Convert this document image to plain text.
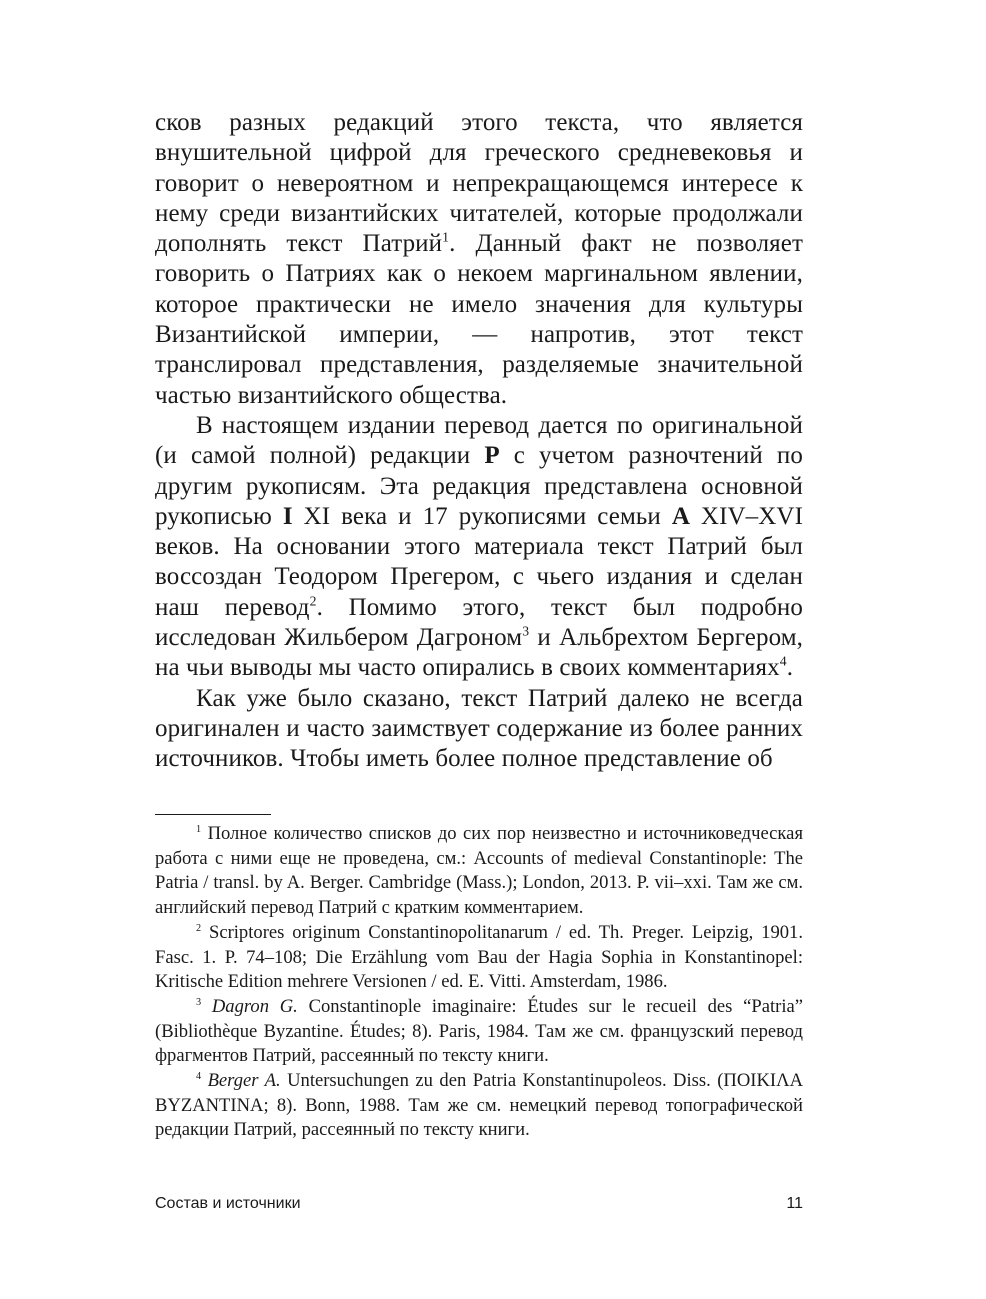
сков разных редакций этого текста, что является внушительной цифрой для греческого средневековья и говорит о невероятном и непрекращающемся интересе к нему среди византийских читателей, которые продолжали дополнять текст Патрий$^1$. Данный факт не позволяет говорить о Патриях как о некоем маргинальном явлении, которое практически не имело значения для культуры Византийской империи, — напротив, этот текст транслировал представления, разделяемые значительной частью византийского общества.

В настоящем издании перевод дается по оригинальной (и самой полной) редакции P с учетом разночтений по другим рукописям. Эта редакция представлена основной рукописью I XI века и 17 рукописями семьи A XIV–XVI веков. На основании этого материала текст Патрий был воссоздан Теодором Прегером, с чьего издания и сделан наш перевод$^2$. Помимо этого, текст был подробно исследован Жильбером Дагроном$^3$ и Альбрехтом Бергером, на чьи выводы мы часто опирались в своих комментариях$^4$.

Как уже было сказано, текст Патрий далеко не всегда оригинален и часто заимствует содержание из более ранних источников. Чтобы иметь более полное представление об

$^1$ Полное количество списков до сих пор неизвестно и источниковедческая работа с ними еще не проведена, см.: Accounts of medieval Constantinople: The Patria / transl. by A. Berger. Cambridge (Mass.); London, 2013. P. vii–xxi. Там же см. английский перевод Патрий с кратким комментарием.

$^2$ Scriptores originum Constantinopolitanarum / ed. Th. Preger. Leipzig, 1901. Fasc. 1. P. 74–108; Die Erzählung vom Bau der Hagia Sophia in Konstantinopel: Kritische Edition mehrere Versionen / ed. E. Vitti. Amsterdam, 1986.

$^3$ Dagron G. Constantinople imaginaire: Études sur le recueil des “Patria” (Bibliothèque Byzantine. Études; 8). Paris, 1984. Там же см. французский перевод фрагментов Патрий, рассеянный по тексту книги.

$^4$ Berger A. Untersuchungen zu den Patria Konstantinupoleos. Diss. (ΠΟΙΚΙΛΑ ΒΥΖΑΝΤΙΝΑ; 8). Bonn, 1988. Там же см. немецкий перевод топографической редакции Патрий, рассеянный по тексту книги.

Состав и источники	11
